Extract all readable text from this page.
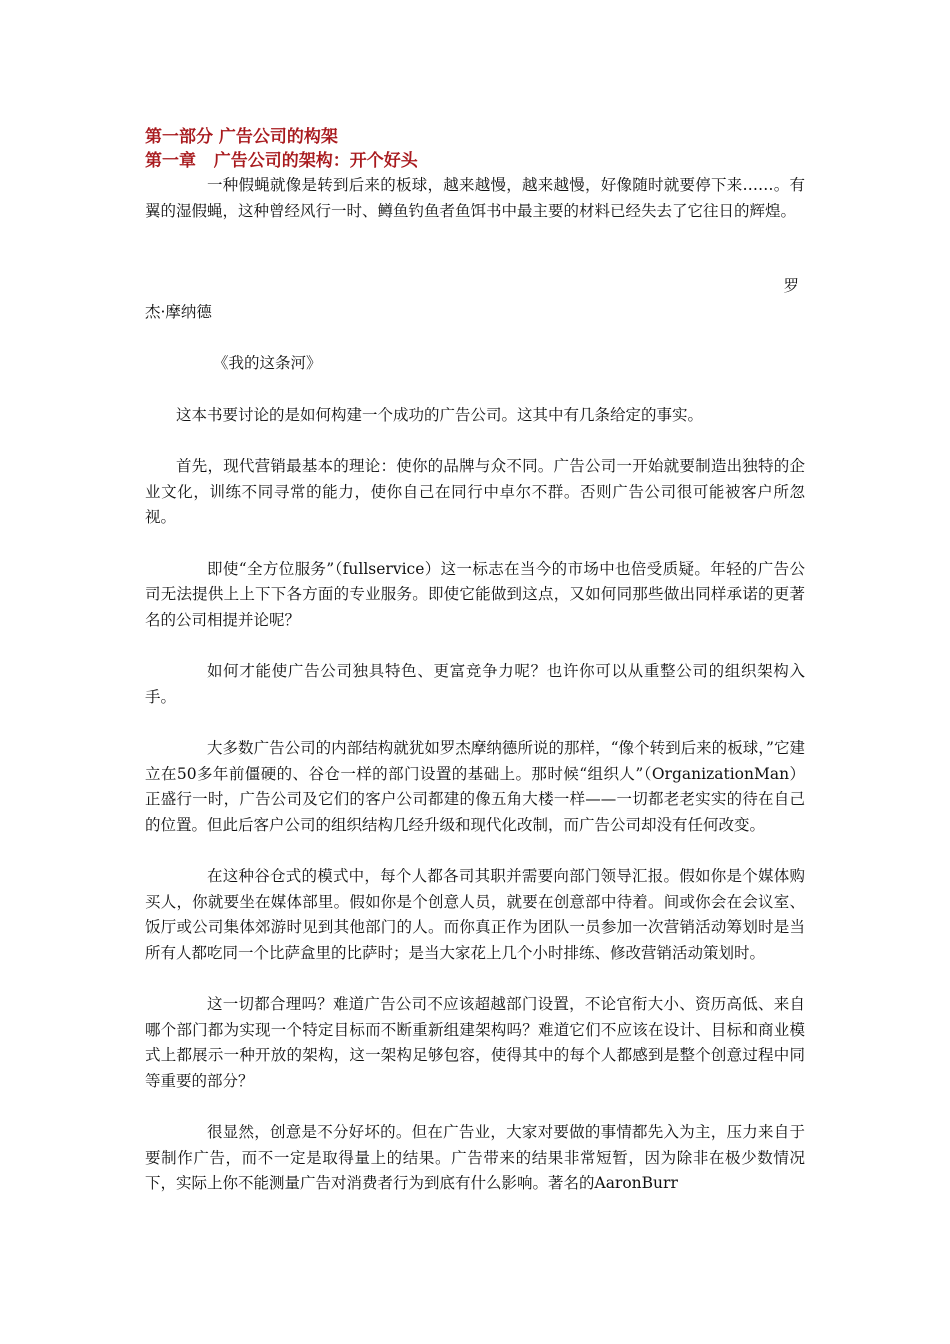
第一部分 广告公司的构架

第一章   广告公司的架构：开个好头

一种假蝇就像是转到后来的板球，越来越慢，越来越慢，好像随时就要停下来……。有翼的湿假蝇，这种曾经风行一时、鳟鱼钓鱼者鱼饵书中最主要的材料已经失去了它往日的辉煌。

罗

杰·摩纳德

《我的这条河》

这本书要讨论的是如何构建一个成功的广告公司。这其中有几条给定的事实。

首先，现代营销最基本的理论：使你的品牌与众不同。广告公司一开始就要制造出独特的企业文化，训练不同寻常的能力，使你自己在同行中卓尔不群。否则广告公司很可能被客户所忽视。

即使“全方位服务”（fullservice）这一标志在当今的市场中也倍受质疑。年轻的广告公司无法提供上上下下各方面的专业服务。即使它能做到这点，又如何同那些做出同样承诺的更著名的公司相提并论呢？

如何才能使广告公司独具特色、更富竞争力呢？也许你可以从重整公司的组织架构入手。

大多数广告公司的内部结构就犹如罗杰摩纳德所说的那样，“像个转到后来的板球，”它建立在50多年前僵硬的、谷仓一样的部门设置的基础上。那时候“组织人”（OrganizationMan）正盛行一时，广告公司及它们的客户公司都建的像五角大楼一样——一切都老老实实的待在自己的位置。但此后客户公司的组织结构几经升级和现代化改制，而广告公司却没有任何改变。

在这种谷仓式的模式中，每个人都各司其职并需要向部门领导汇报。假如你是个媒体购买人，你就要坐在媒体部里。假如你是个创意人员，就要在创意部中待着。间或你会在会议室、饭厅或公司集体郊游时见到其他部门的人。而你真正作为团队一员参加一次营销活动筹划时是当所有人都吃同一个比萨盒里的比萨时；是当大家花上几个小时排练、修改营销活动策划时。

这一切都合理吗？难道广告公司不应该超越部门设置，不论官衔大小、资历高低、来自哪个部门都为实现一个特定目标而不断重新组建架构吗？难道它们不应该在设计、目标和商业模式上都展示一种开放的架构，这一架构足够包容，使得其中的每个人都感到是整个创意过程中同等重要的部分？

很显然，创意是不分好坏的。但在广告业，大家对要做的事情都先入为主，压力来自于要制作广告，而不一定是取得量上的结果。广告带来的结果非常短暂，因为除非在极少数情况下，实际上你不能测量广告对消费者行为到底有什么影响。著名的AaronBurr
